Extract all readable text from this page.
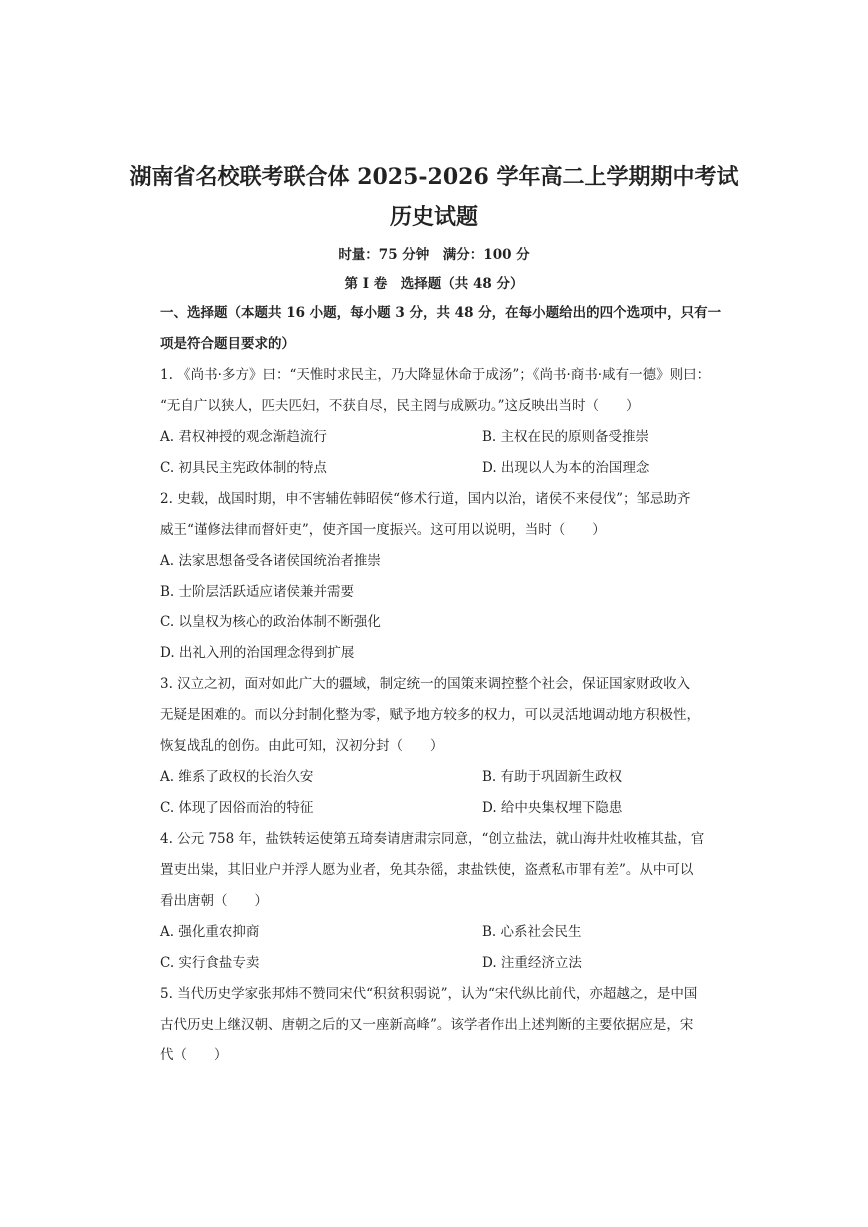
湖南省名校联考联合体 2025-2026 学年高二上学期期中考试
历史试题
时量：75 分钟　满分：100 分
第 I 卷　选择题（共 48 分）
一、选择题（本题共 16 小题，每小题 3 分，共 48 分，在每小题给出的四个选项中，只有一
项是符合题目要求的）
1. 《尚书·多方》曰：“天惟时求民主，乃大降显休命于成汤”；《尚书·商书·咸有一德》则曰：
“无自广以狭人，匹夫匹妇，不获自尽，民主罔与成厥功。”这反映出当时（　　）
A. 君权神授的观念渐趋流行	B. 主权在民的原则备受推崇
C. 初具民主宪政体制的特点	D. 出现以人为本的治国理念
2. 史载，战国时期，申不害辅佐韩昭侯“修术行道，国内以治，诸侯不来侵伐”；邹忌助齐
威王“谨修法律而督奸吏”，使齐国一度振兴。这可用以说明，当时（　　）
A. 法家思想备受各诸侯国统治者推崇
B. 士阶层活跃适应诸侯兼并需要
C. 以皇权为核心的政治体制不断强化
D. 出礼入刑的治国理念得到扩展
3. 汉立之初，面对如此广大的疆域，制定统一的国策来调控整个社会，保证国家财政收入
无疑是困难的。而以分封制化整为零，赋予地方较多的权力，可以灵活地调动地方积极性，
恢复战乱的创伤。由此可知，汉初分封（　　）
A. 维系了政权的长治久安	B. 有助于巩固新生政权
C. 体现了因俗而治的特征	D. 给中央集权埋下隐患
4. 公元 758 年，盐铁转运使第五琦奏请唐肃宗同意，“创立盐法，就山海井灶收榷其盐，官
置吏出粜，其旧业户并浮人愿为业者，免其杂徭，隶盐铁使，盗煮私市罪有差”。从中可以
看出唐朝（　　）
A. 强化重农抑商	B. 心系社会民生
C. 实行食盐专卖	D. 注重经济立法
5. 当代历史学家张邦炜不赞同宋代“积贫积弱说”，认为“宋代纵比前代，亦超越之，是中国
古代历史上继汉朝、唐朝之后的又一座新高峰”。该学者作出上述判断的主要依据应是，宋
代（　　）
